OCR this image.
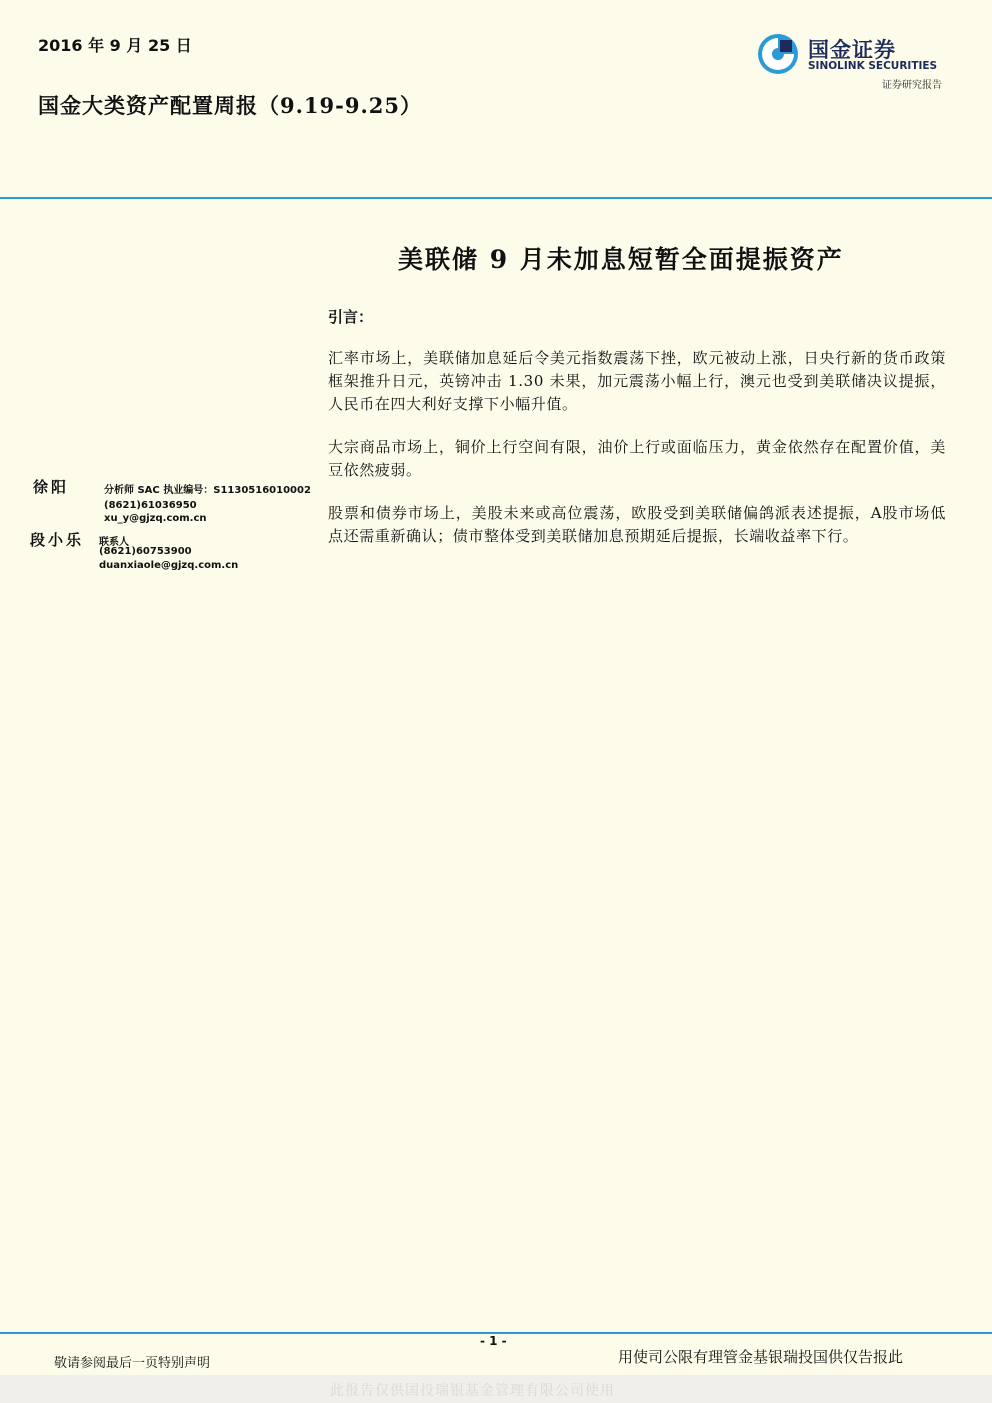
2016 年 9 月 25 日
国金大类资产配置周报（9.19-9.25）
国金证券
SINOLINK SECURITIES
证券研究报告
美联储 9 月未加息短暂全面提振资产
引言：

汇率市场上，美联储加息延后令美元指数震荡下挫，欧元被动上涨，日央行新的货币政策框架推升日元，英镑冲击 1.30 未果，加元震荡小幅上行，澳元也受到美联储决议提振，人民币在四大利好支撑下小幅升值。

大宗商品市场上，铜价上行空间有限，油价上行或面临压力，黄金依然存在配置价值，美豆依然疲弱。

股票和债券市场上，美股未来或高位震荡，欧股受到美联储偏鸽派表述提振，A股市场低点还需重新确认；债市整体受到美联储加息预期延后提振，长端收益率下行。

徐阳	分析师 SAC 执业编号：S1130516010002
(8621)61036950
xu_y@gjzq.com.cn
段小乐 联系人
(8621)60753900
duanxiaole@gjzq.com.cn
- 1 -
敬请参阅最后一页特别声明	用使司公限有理管金基银瑞投国供仅告报此
此报告仅供国投瑞银基金管理有限公司使用
